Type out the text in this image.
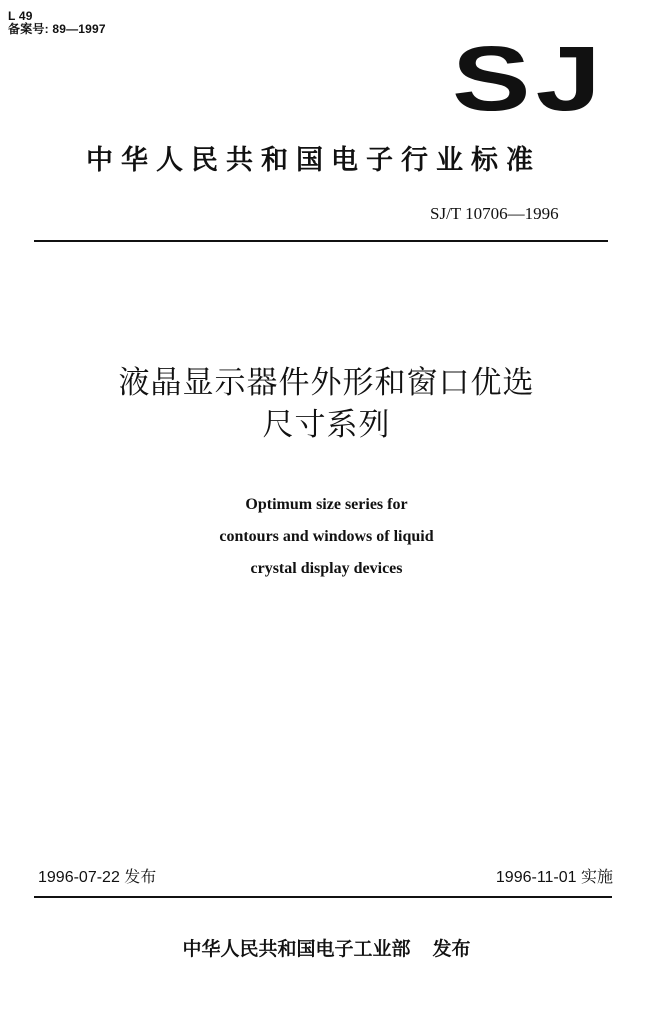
L 49
备案号: 89—1997	SJ
中华人民共和国电子行业标准
SJ/T 10706—1996
液晶显示器件外形和窗口优选
尺寸系列
Optimum size series for
contours and windows of liquid
crystal display devices
1996-07-22 发布	1996-11-01 实施
中华人民共和国电子工业部 发布
